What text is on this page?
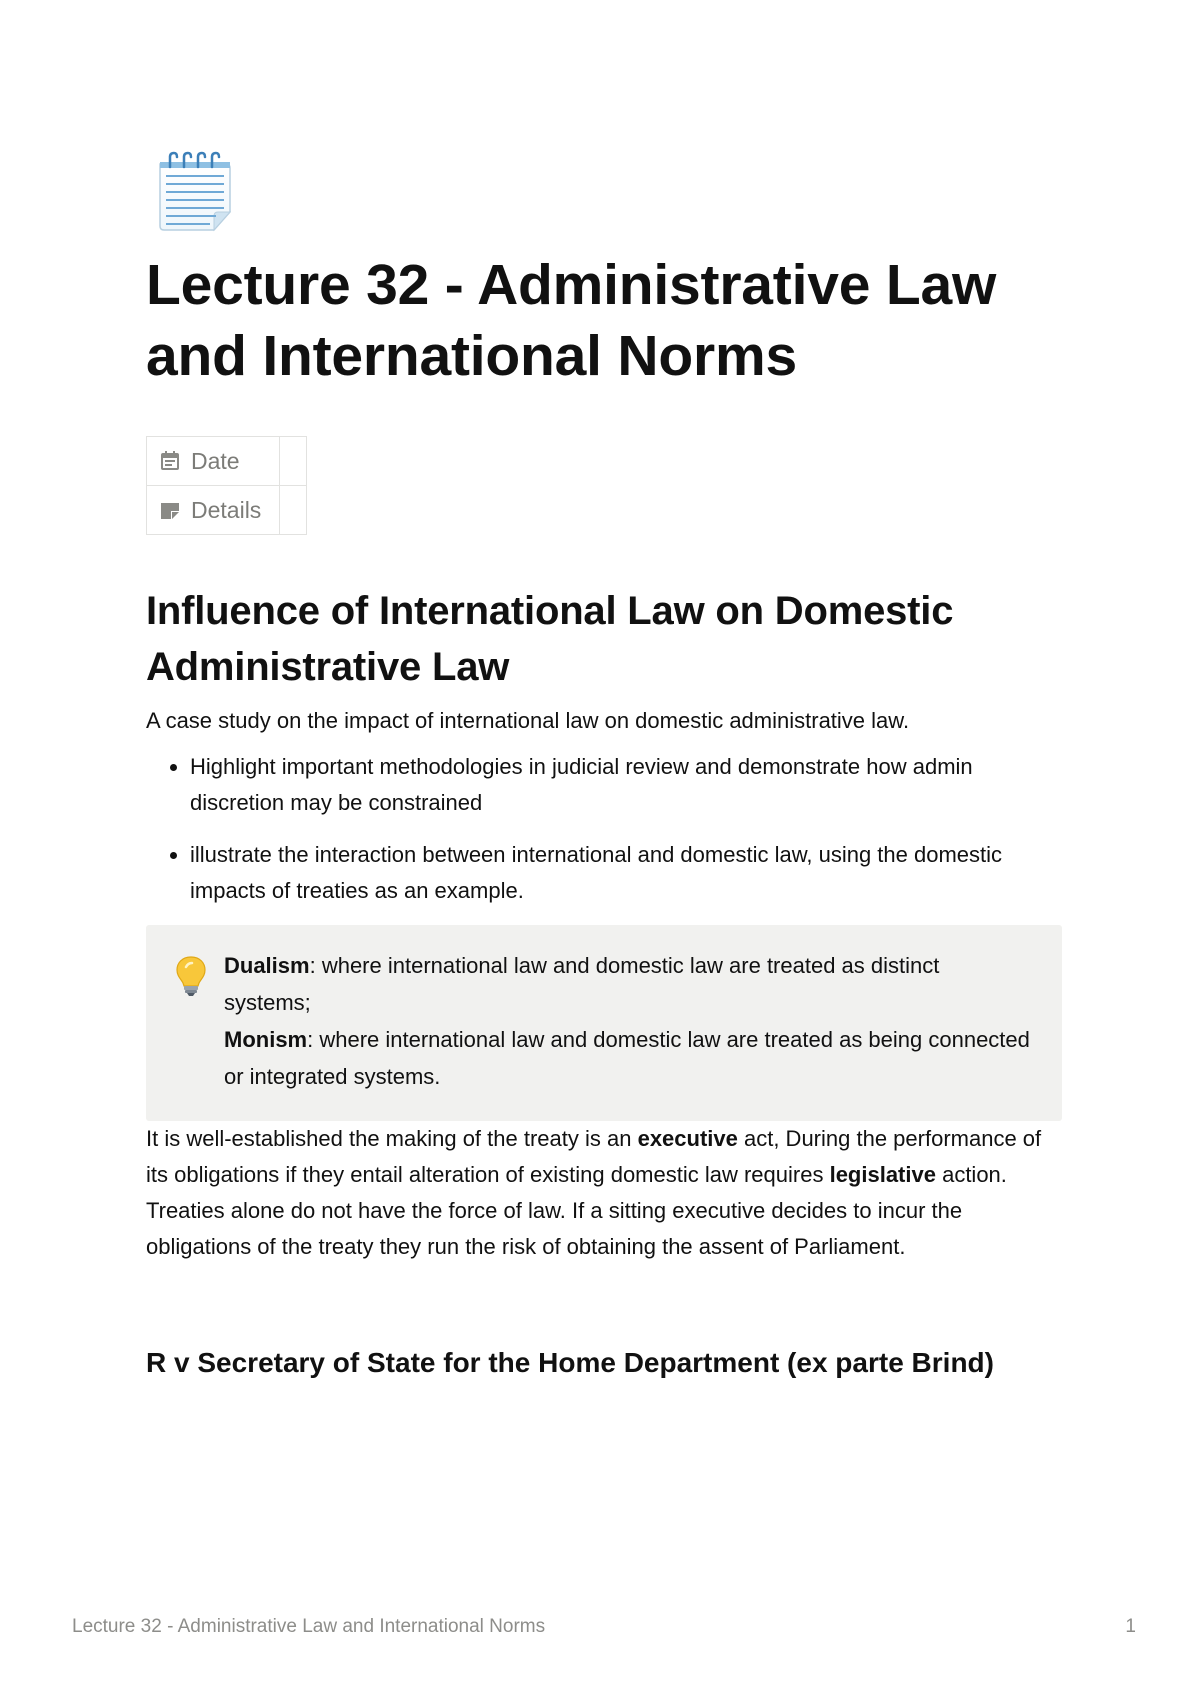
Lecture 32 - Administrative Law and International Norms
Date	

Details	

Influence of International Law on Domestic Administrative Law

A case study on the impact of international law on domestic administrative law.

• Highlight important methodologies in judicial review and demonstrate how admin discretion may be constrained
• illustrate the interaction between international and domestic law, using the domestic impacts of treaties as an example.
Dualism: where international law and domestic law are treated as distinct systems;
Monism: where international law and domestic law are treated as being connected or integrated systems.

It is well-established the making of the treaty is an executive act, During the performance of its obligations if they entail alteration of existing domestic law requires legislative action. Treaties alone do not have the force of law. If a sitting executive decides to incur the obligations of the treaty they run the risk of obtaining the assent of Parliament.

R v Secretary of State for the Home Department (ex parte Brind)
Lecture 32 - Administrative Law and International Norms	1
